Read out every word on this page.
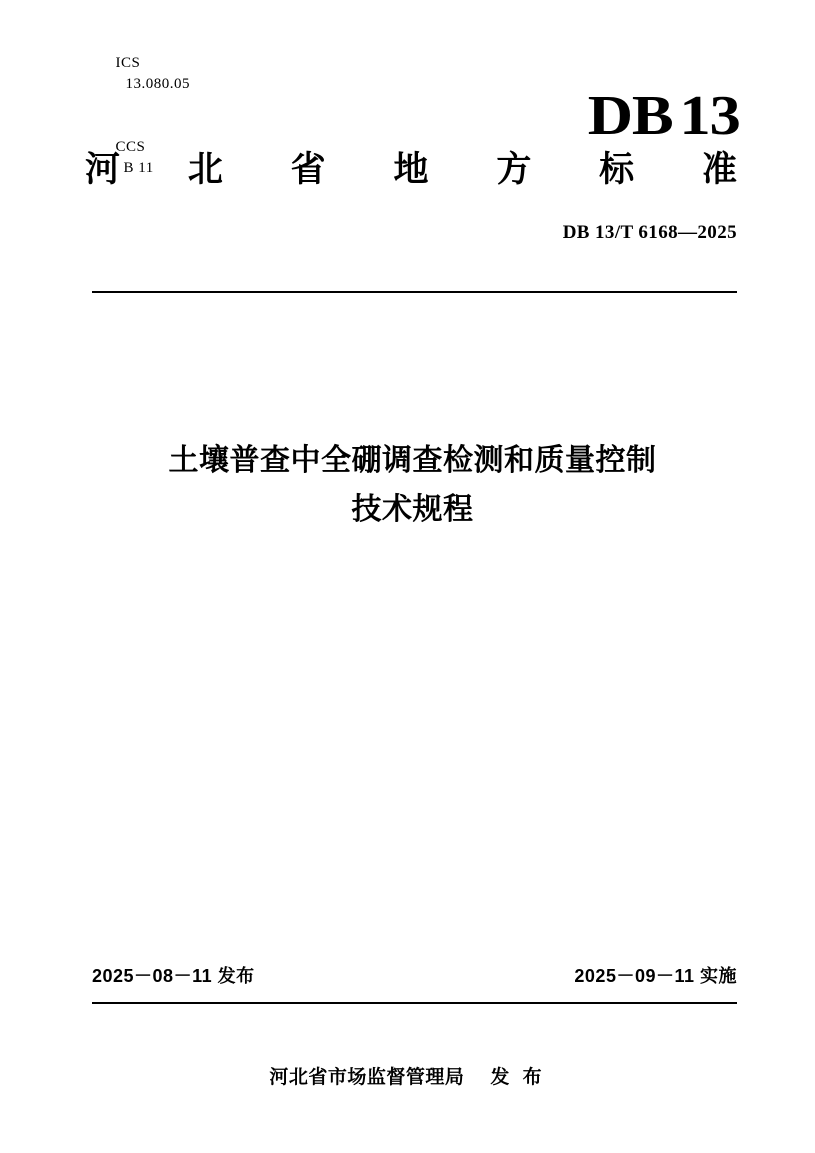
ICS
13.080.05

CCS
B 11

DB 13
河 北 省 地 方 标 准
DB 13/T 6168—2025
土壤普查中全硼调查检测和质量控制
技术规程
2025－08－11 发布	2025－09－11 实施
河北省市场监督管理局 发 布
